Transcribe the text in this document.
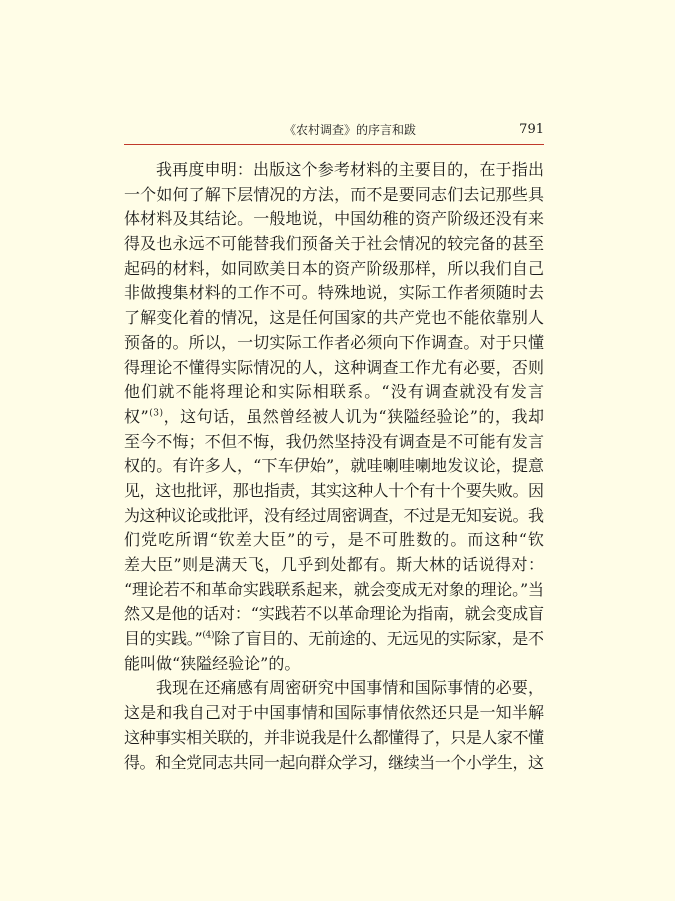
《农村调查》的序言和跋	791
我再度申明：出版这个参考材料的主要目的，在于指出
一个如何了解下层情况的方法，而不是要同志们去记那些具
体材料及其结论。一般地说，中国幼稚的资产阶级还没有来
得及也永远不可能替我们预备关于社会情况的较完备的甚至
起码的材料，如同欧美日本的资产阶级那样，所以我们自己
非做搜集材料的工作不可。特殊地说，实际工作者须随时去
了解变化着的情况，这是任何国家的共产党也不能依靠别人
预备的。所以，一切实际工作者必须向下作调查。对于只懂
得理论不懂得实际情况的人，这种调查工作尤有必要，否则
他们就不能将理论和实际相联系。“没有调查就没有发言
权”$^{(3)}$，这句话，虽然曾经被人讥为“狭隘经验论”的，我却
至今不悔；不但不悔，我仍然坚持没有调查是不可能有发言
权的。有许多人，“下车伊始”，就哇喇哇喇地发议论，提意
见，这也批评，那也指责，其实这种人十个有十个要失败。因
为这种议论或批评，没有经过周密调查，不过是无知妄说。我
们党吃所谓“钦差大臣”的亏，是不可胜数的。而这种“钦
差大臣”则是满天飞，几乎到处都有。斯大林的话说得对：
“理论若不和革命实践联系起来，就会变成无对象的理论。”当
然又是他的话对：“实践若不以革命理论为指南，就会变成盲
目的实践。”$^{(4)}$除了盲目的、无前途的、无远见的实际家，是不
能叫做“狭隘经验论”的。
我现在还痛感有周密研究中国事情和国际事情的必要，
这是和我自己对于中国事情和国际事情依然还只是一知半解
这种事实相关联的，并非说我是什么都懂得了，只是人家不懂
得。和全党同志共同一起向群众学习，继续当一个小学生，这
